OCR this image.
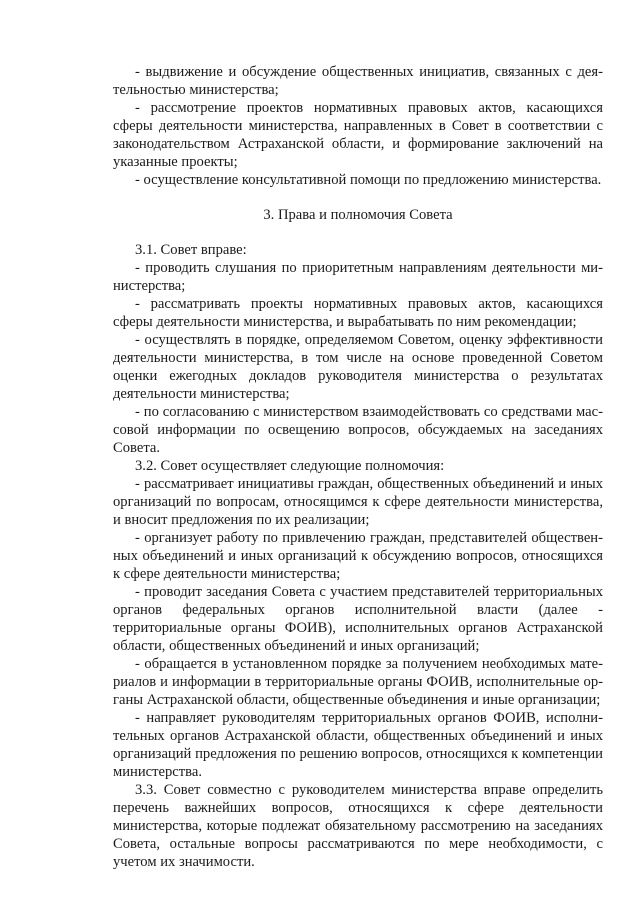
- выдвижение и обсуждение общественных инициатив, связанных с деятельностью министерства;

- рассмотрение проектов нормативных правовых актов, касающихся сферы деятельности министерства, направленных в Совет в соответствии с законодательством Астраханской области, и формирование заключений на указанные проекты;

- осуществление консультативной помощи по предложению министерства.

3. Права и полномочия Совета

3.1. Совет вправе:

- проводить слушания по приоритетным направлениям деятельности министерства;

- рассматривать проекты нормативных правовых актов, касающихся сферы деятельности министерства, и вырабатывать по ним рекомендации;

- осуществлять в порядке, определяемом Советом, оценку эффективности деятельности министерства, в том числе на основе проведенной Советом оценки ежегодных докладов руководителя министерства о результатах деятельности министерства;

- по согласованию с министерством взаимодействовать со средствами массовой информации по освещению вопросов, обсуждаемых на заседаниях Совета.

3.2. Совет осуществляет следующие полномочия:

- рассматривает инициативы граждан, общественных объединений и иных организаций по вопросам, относящимся к сфере деятельности министерства, и вносит предложения по их реализации;

- организует работу по привлечению граждан, представителей общественных объединений и иных организаций к обсуждению вопросов, относящихся к сфере деятельности министерства;

- проводит заседания Совета с участием представителей территориальных органов федеральных органов исполнительной власти (далее - территориальные органы ФОИВ), исполнительных органов Астраханской области, общественных объединений и иных организаций;

- обращается в установленном порядке за получением необходимых материалов и информации в территориальные органы ФОИВ, исполнительные органы Астраханской области, общественные объединения и иные организации;

- направляет руководителям территориальных органов ФОИВ, исполнительных органов Астраханской области, общественных объединений и иных организаций предложения по решению вопросов, относящихся к компетенции министерства.

3.3. Совет совместно с руководителем министерства вправе определить перечень важнейших вопросов, относящихся к сфере деятельности министерства, которые подлежат обязательному рассмотрению на заседаниях Совета, остальные вопросы рассматриваются по мере необходимости, с учетом их значимости.
